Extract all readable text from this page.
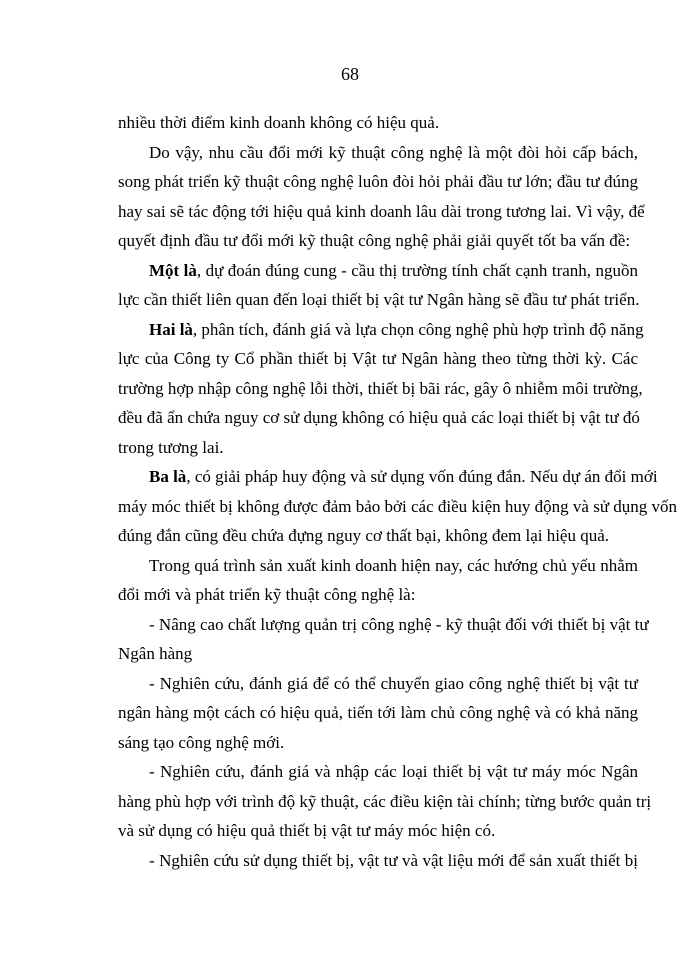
68
nhiều thời điểm kinh doanh không có hiệu quả.
Do vậy, nhu cầu đổi mới kỹ thuật công nghệ là một đòi hỏi cấp bách,
song phát triển kỹ thuật công nghệ luôn đòi hỏi phải đầu tư lớn; đầu tư đúng
hay sai sẽ tác động tới hiệu quả kinh doanh lâu dài trong tương lai. Vì vậy, để
quyết định đầu tư đổi mới kỹ thuật công nghệ phải giải quyết tốt ba vấn đề:
Một là, dự đoán đúng cung - cầu thị trường tính chất cạnh tranh, nguồn
lực cần thiết liên quan đến loại thiết bị vật tư Ngân hàng sẽ đầu tư phát triển.
Hai là, phân tích, đánh giá và lựa chọn công nghệ phù hợp trình độ năng
lực của Công ty Cổ phần thiết bị Vật tư Ngân hàng theo từng thời kỳ. Các
trường hợp nhập công nghệ lỗi thời, thiết bị bãi rác, gây ô nhiễm môi trường,
đều đã ẩn chứa nguy cơ sử dụng không có hiệu quả các loại thiết bị vật tư đó
trong tương lai.
Ba là, có giải pháp huy động và sử dụng vốn đúng đắn. Nếu dự án đổi mới
máy móc thiết bị không được đảm bảo bởi các điều kiện huy động và sử dụng vốn
đúng đắn cũng đều chứa đựng nguy cơ thất bại, không đem lại hiệu quả.
Trong quá trình sản xuất kinh doanh hiện nay, các hướng chủ yếu nhằm
đổi mới và phát triển kỹ thuật công nghệ là:
- Nâng cao chất lượng quản trị công nghệ - kỹ thuật đối với thiết bị vật tư
Ngân hàng
- Nghiên cứu, đánh giá để có thể chuyển giao công nghệ thiết bị vật tư
ngân hàng một cách có hiệu quả, tiến tới làm chủ công nghệ và có khả năng
sáng tạo công nghệ mới.
- Nghiên cứu, đánh giá và nhập các loại thiết bị vật tư máy móc Ngân
hàng phù hợp với trình độ kỹ thuật, các điều kiện tài chính; từng bước quản trị
và sử dụng có hiệu quả thiết bị vật tư máy móc hiện có.
- Nghiên cứu sử dụng thiết bị, vật tư và vật liệu mới để sản xuất thiết bị
